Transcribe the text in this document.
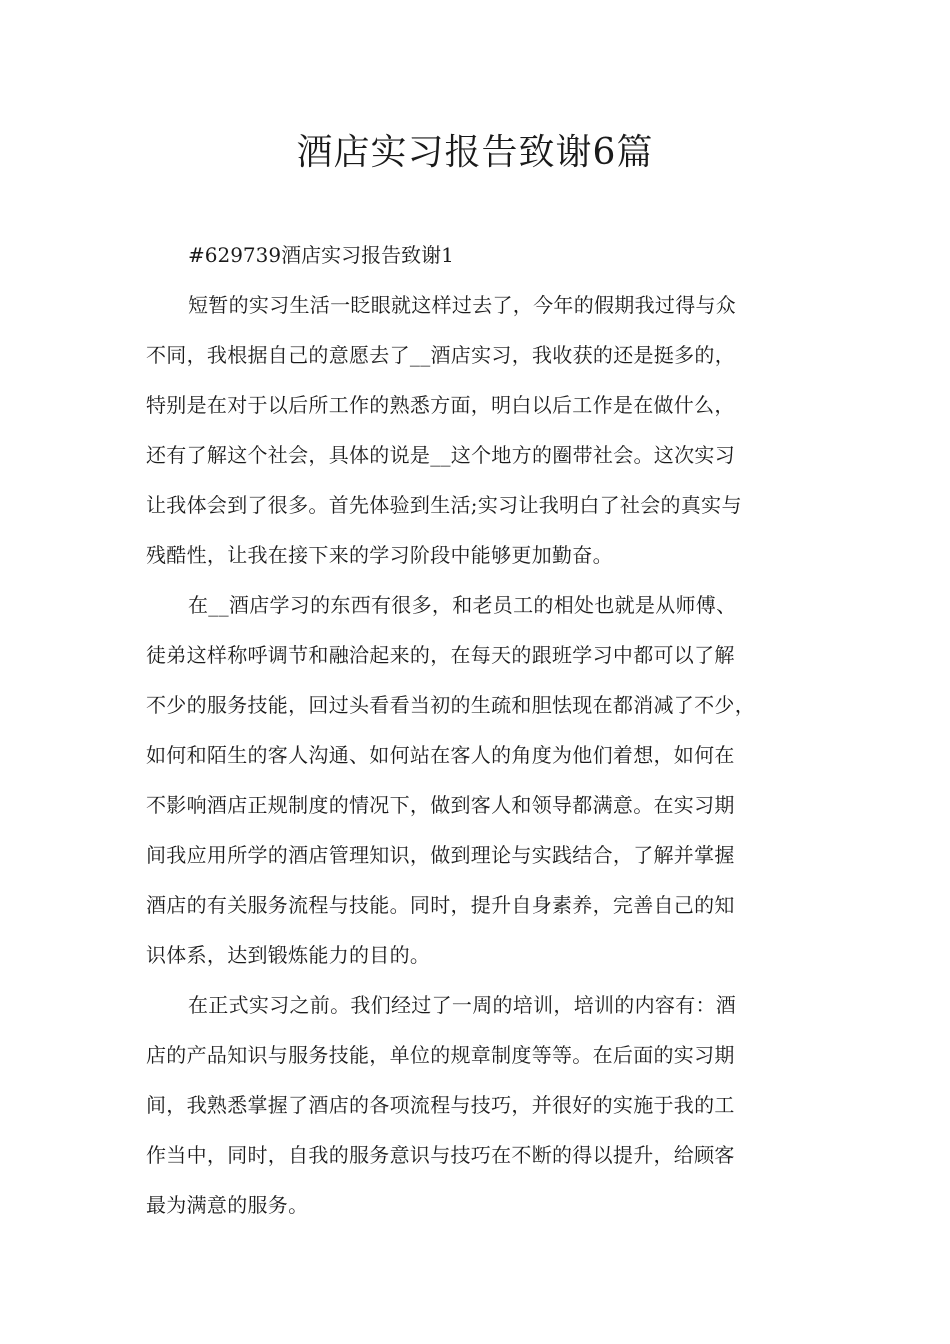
酒店实习报告致谢6篇

#629739酒店实习报告致谢1

短暂的实习生活一眨眼就这样过去了，今年的假期我过得与众
不同，我根据自己的意愿去了__酒店实习，我收获的还是挺多的，
特别是在对于以后所工作的熟悉方面，明白以后工作是在做什么，
还有了解这个社会，具体的说是__这个地方的圈带社会。这次实习
让我体会到了很多。首先体验到生活;实习让我明白了社会的真实与
残酷性，让我在接下来的学习阶段中能够更加勤奋。
在__酒店学习的东西有很多，和老员工的相处也就是从师傅、
徒弟这样称呼调节和融洽起来的，在每天的跟班学习中都可以了解
不少的服务技能，回过头看看当初的生疏和胆怯现在都消减了不少，
如何和陌生的客人沟通、如何站在客人的角度为他们着想，如何在
不影响酒店正规制度的情况下，做到客人和领导都满意。在实习期
间我应用所学的酒店管理知识，做到理论与实践结合，了解并掌握
酒店的有关服务流程与技能。同时，提升自身素养，完善自己的知
识体系，达到锻炼能力的目的。
在正式实习之前。我们经过了一周的培训，培训的内容有：酒
店的产品知识与服务技能，单位的规章制度等等。在后面的实习期
间，我熟悉掌握了酒店的各项流程与技巧，并很好的实施于我的工
作当中，同时，自我的服务意识与技巧在不断的得以提升，给顾客
最为满意的服务。
